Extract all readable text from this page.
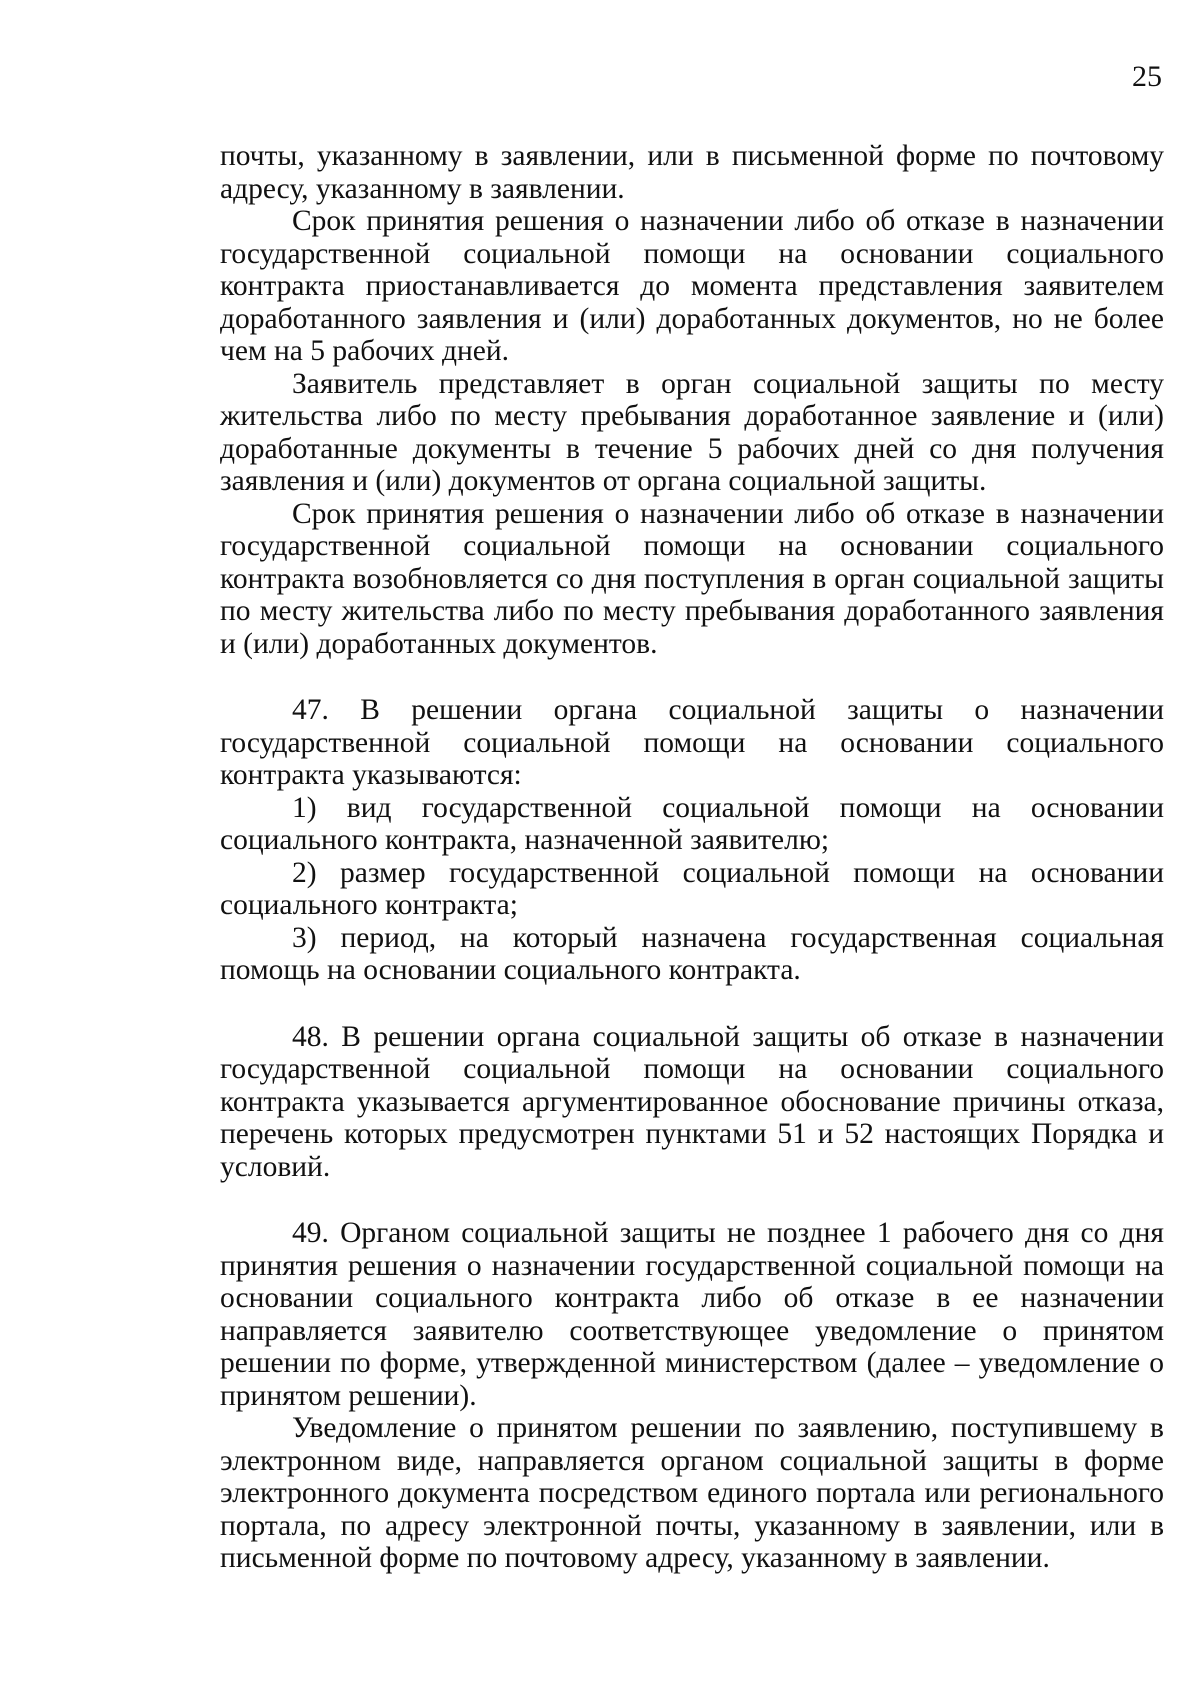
25

почты, указанному в заявлении, или в письменной форме по почтовому адресу, указанному в заявлении.

Срок принятия решения о назначении либо об отказе в назначении государственной социальной помощи на основании социального контракта приостанавливается до момента представления заявителем доработанного заявления и (или) доработанных документов, но не более чем на 5 рабочих дней.

Заявитель представляет в орган социальной защиты по месту жительства либо по месту пребывания доработанное заявление и (или) доработанные документы в течение 5 рабочих дней со дня получения заявления и (или) документов от органа социальной защиты.

Срок принятия решения о назначении либо об отказе в назначении государственной социальной помощи на основании социального контракта возобновляется со дня поступления в орган социальной защиты по месту жительства либо по месту пребывания доработанного заявления и (или) доработанных документов.

47. В решении органа социальной защиты о назначении государственной социальной помощи на основании социального контракта указываются:

1) вид государственной социальной помощи на основании социального контракта, назначенной заявителю;

2) размер государственной социальной помощи на основании социального контракта;

3) период, на который назначена государственная социальная помощь на основании социального контракта.

48. В решении органа социальной защиты об отказе в назначении государственной социальной помощи на основании социального контракта указывается аргументированное обоснование причины отказа, перечень которых предусмотрен пунктами 51 и 52 настоящих Порядка и условий.

49. Органом социальной защиты не позднее 1 рабочего дня со дня принятия решения о назначении государственной социальной помощи на основании социального контракта либо об отказе в ее назначении направляется заявителю соответствующее уведомление о принятом решении по форме, утвержденной министерством (далее – уведомление о принятом решении).

Уведомление о принятом решении по заявлению, поступившему в электронном виде, направляется органом социальной защиты в форме электронного документа посредством единого портала или регионального портала, по адресу электронной почты, указанному в заявлении, или в письменной форме по почтовому адресу, указанному в заявлении.
